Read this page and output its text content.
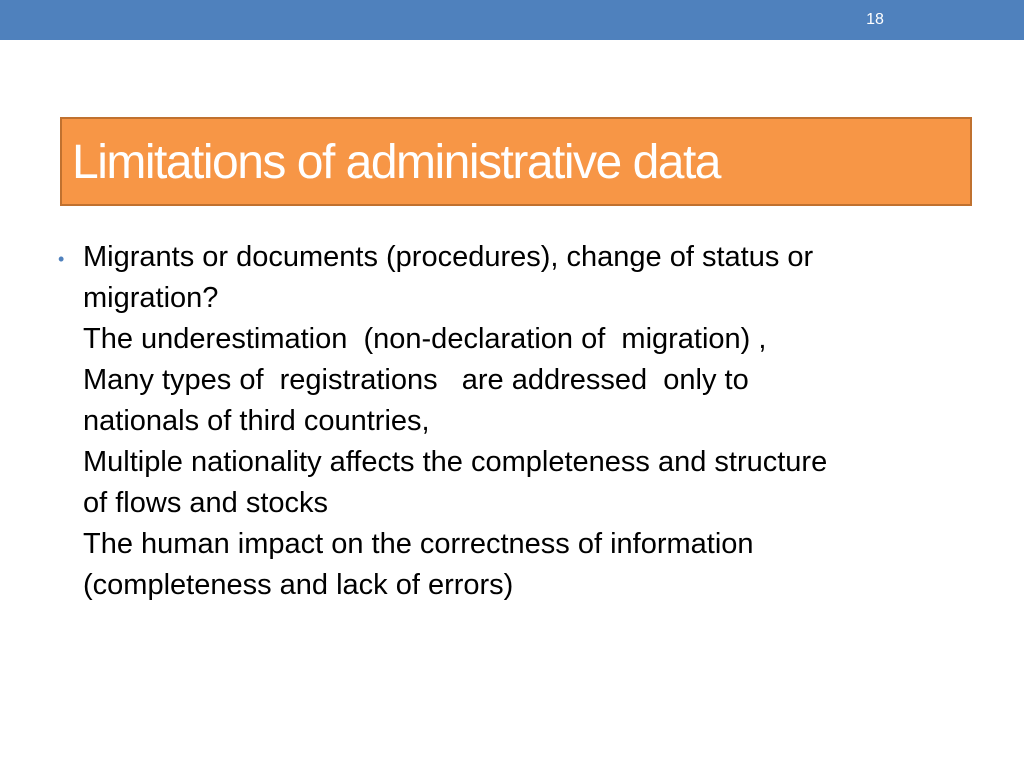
18
Limitations of administrative data
• Migrants or documents (procedures), change of status or
migration?
The underestimation  (non-declaration of  migration) ,
Many types of  registrations   are addressed  only to
nationals of third countries,
Multiple nationality affects the completeness and structure
of flows and stocks
The human impact on the correctness of information
(completeness and lack of errors)
